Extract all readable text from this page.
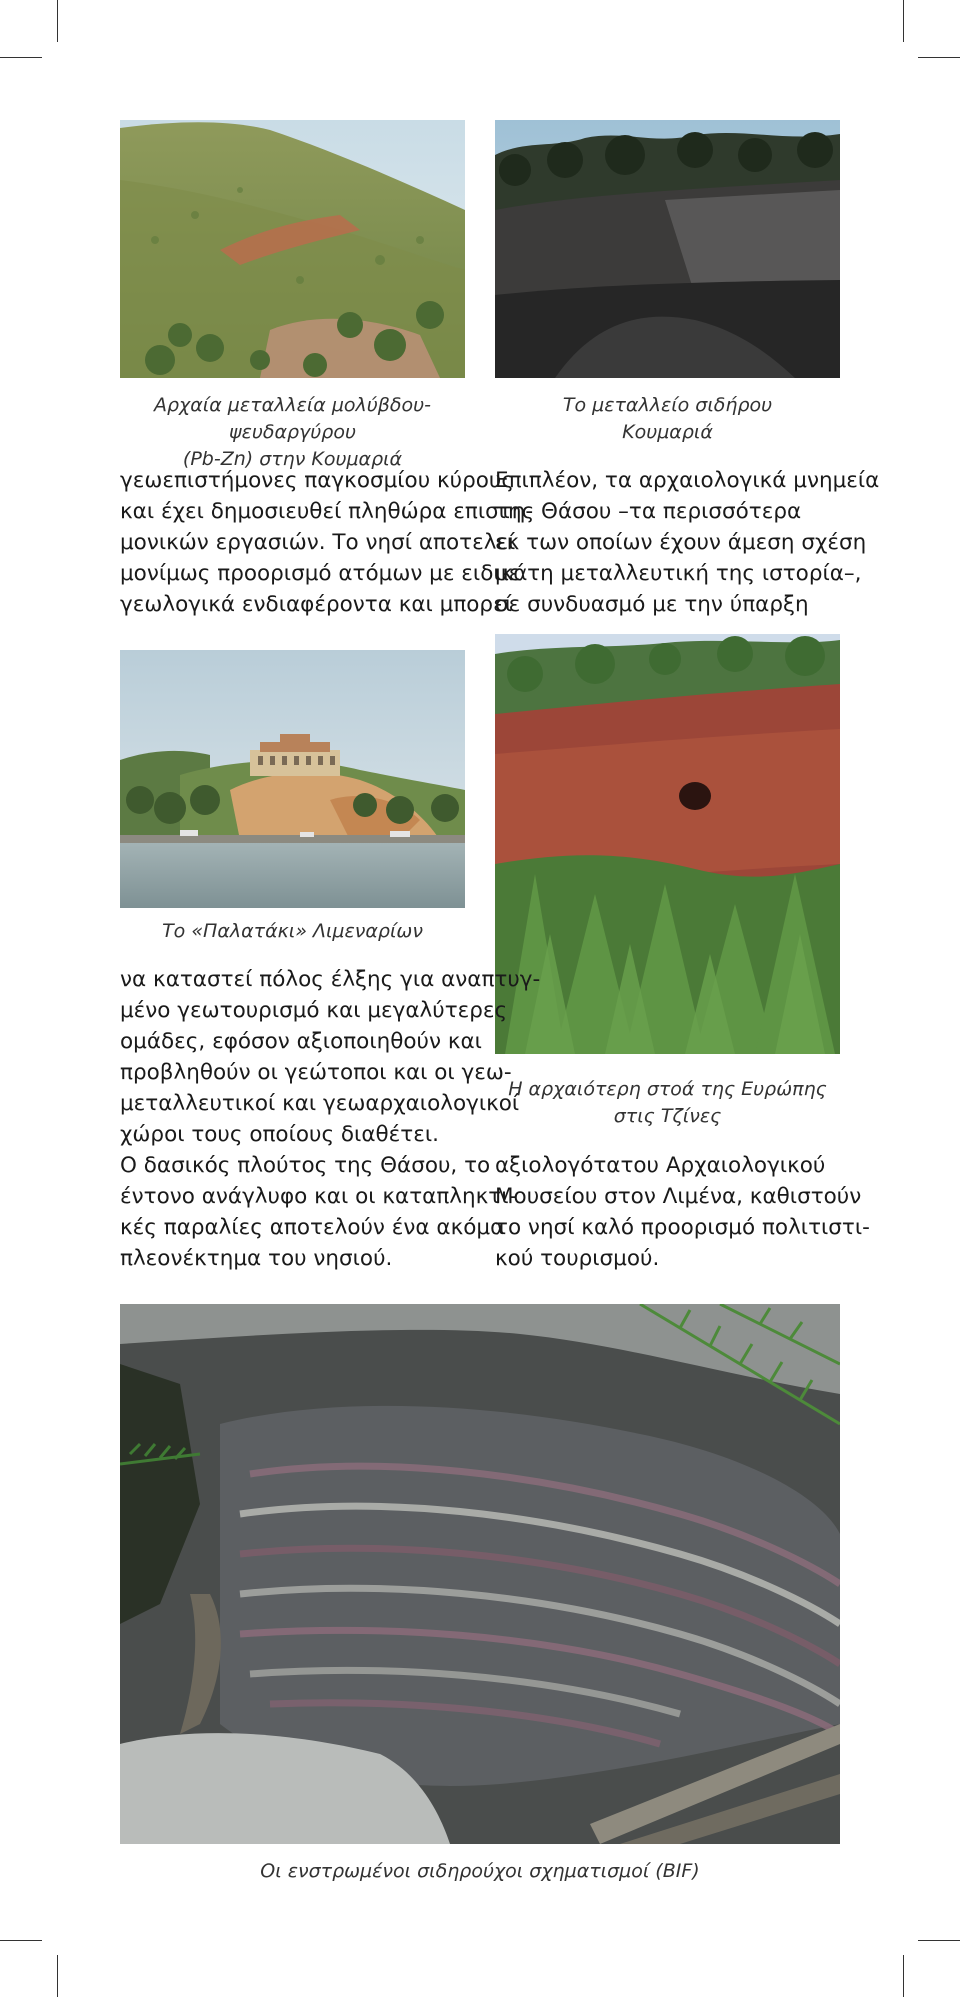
Αρχαία μεταλλεία μολύβδου-ψευδαργύρου
(Pb-Zn) στην Κουμαριά
Το μεταλλείο σιδήρου
Κουμαριά
γεωεπιστήμονες παγκοσμίου κύρους
και έχει δημοσιευθεί πληθώρα επιστη-
μονικών εργασιών. Το νησί αποτελεί
μονίμως προορισμό ατόμων με ειδικά
γεωλογικά ενδιαφέροντα και μπορεί
Επιπλέον, τα αρχαιολογικά μνημεία
της Θάσου –τα περισσότερα
εκ των οποίων έχουν άμεση σχέση
με τη μεταλλευτική της ιστορία–,
σε συνδυασμό με την ύπαρξη
Το «Παλατάκι» Λιμεναρίων
να καταστεί πόλος έλξης για αναπτυγ-
μένο γεωτουρισμό και μεγαλύτερες
ομάδες, εφόσον αξιοποιηθούν και
προβληθούν οι γεώτοποι και οι γεω-
μεταλλευτικοί και γεωαρχαιολογικοί
χώροι τους οποίους διαθέτει.
Ο δασικός πλούτος της Θάσου, το
έντονο ανάγλυφο και οι καταπληκτι-
κές παραλίες αποτελούν ένα ακόμα
πλεονέκτημα του νησιού.
Η αρχαιότερη στοά της Ευρώπης
στις Τζίνες
αξιολογότατου Αρχαιολογικού
Μουσείου στον Λιμένα, καθιστούν
το νησί καλό προορισμό πολιτιστι-
κού τουρισμού.
Οι ενστρωμένοι σιδηρούχοι σχηματισμοί (BIF)
